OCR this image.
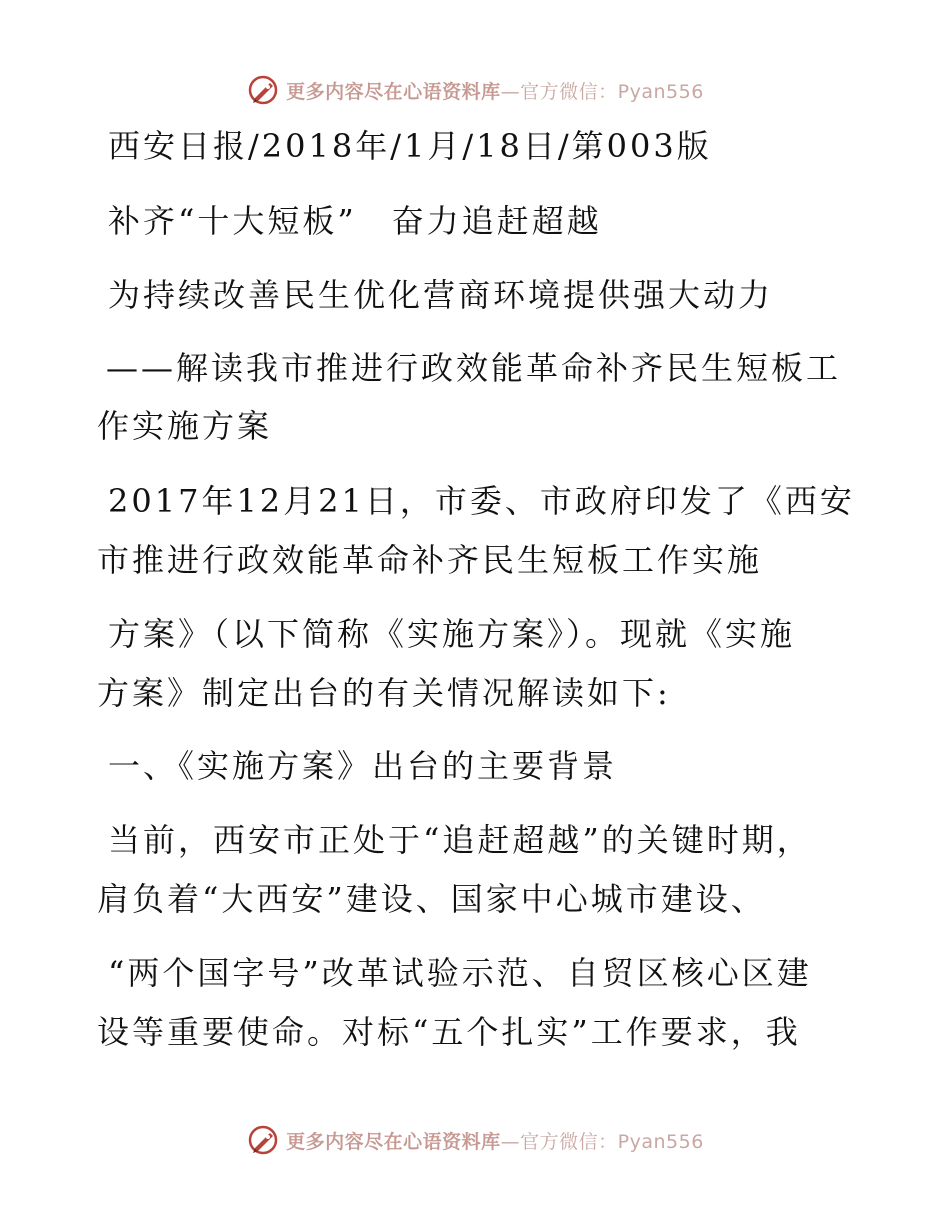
更多内容尽在心语资料库—官方微信：Pyan556
西安日报/2018年/1月/18日/第003版
补齐“十大短板”　奋力追赶超越
为持续改善民生优化营商环境提供强大动力
——解读我市推进行政效能革命补齐民生短板工
作实施方案
2017年12月21日，市委、市政府印发了《西安
市推进行政效能革命补齐民生短板工作实施
方案》（以下简称《实施方案》）。现就《实施
方案》制定出台的有关情况解读如下:
一、《实施方案》出台的主要背景
当前，西安市正处于“追赶超越”的关键时期，
肩负着“大西安”建设、国家中心城市建设、
“两个国字号”改革试验示范、自贸区核心区建
设等重要使命。对标“五个扎实”工作要求，我
更多内容尽在心语资料库—官方微信：Pyan556
